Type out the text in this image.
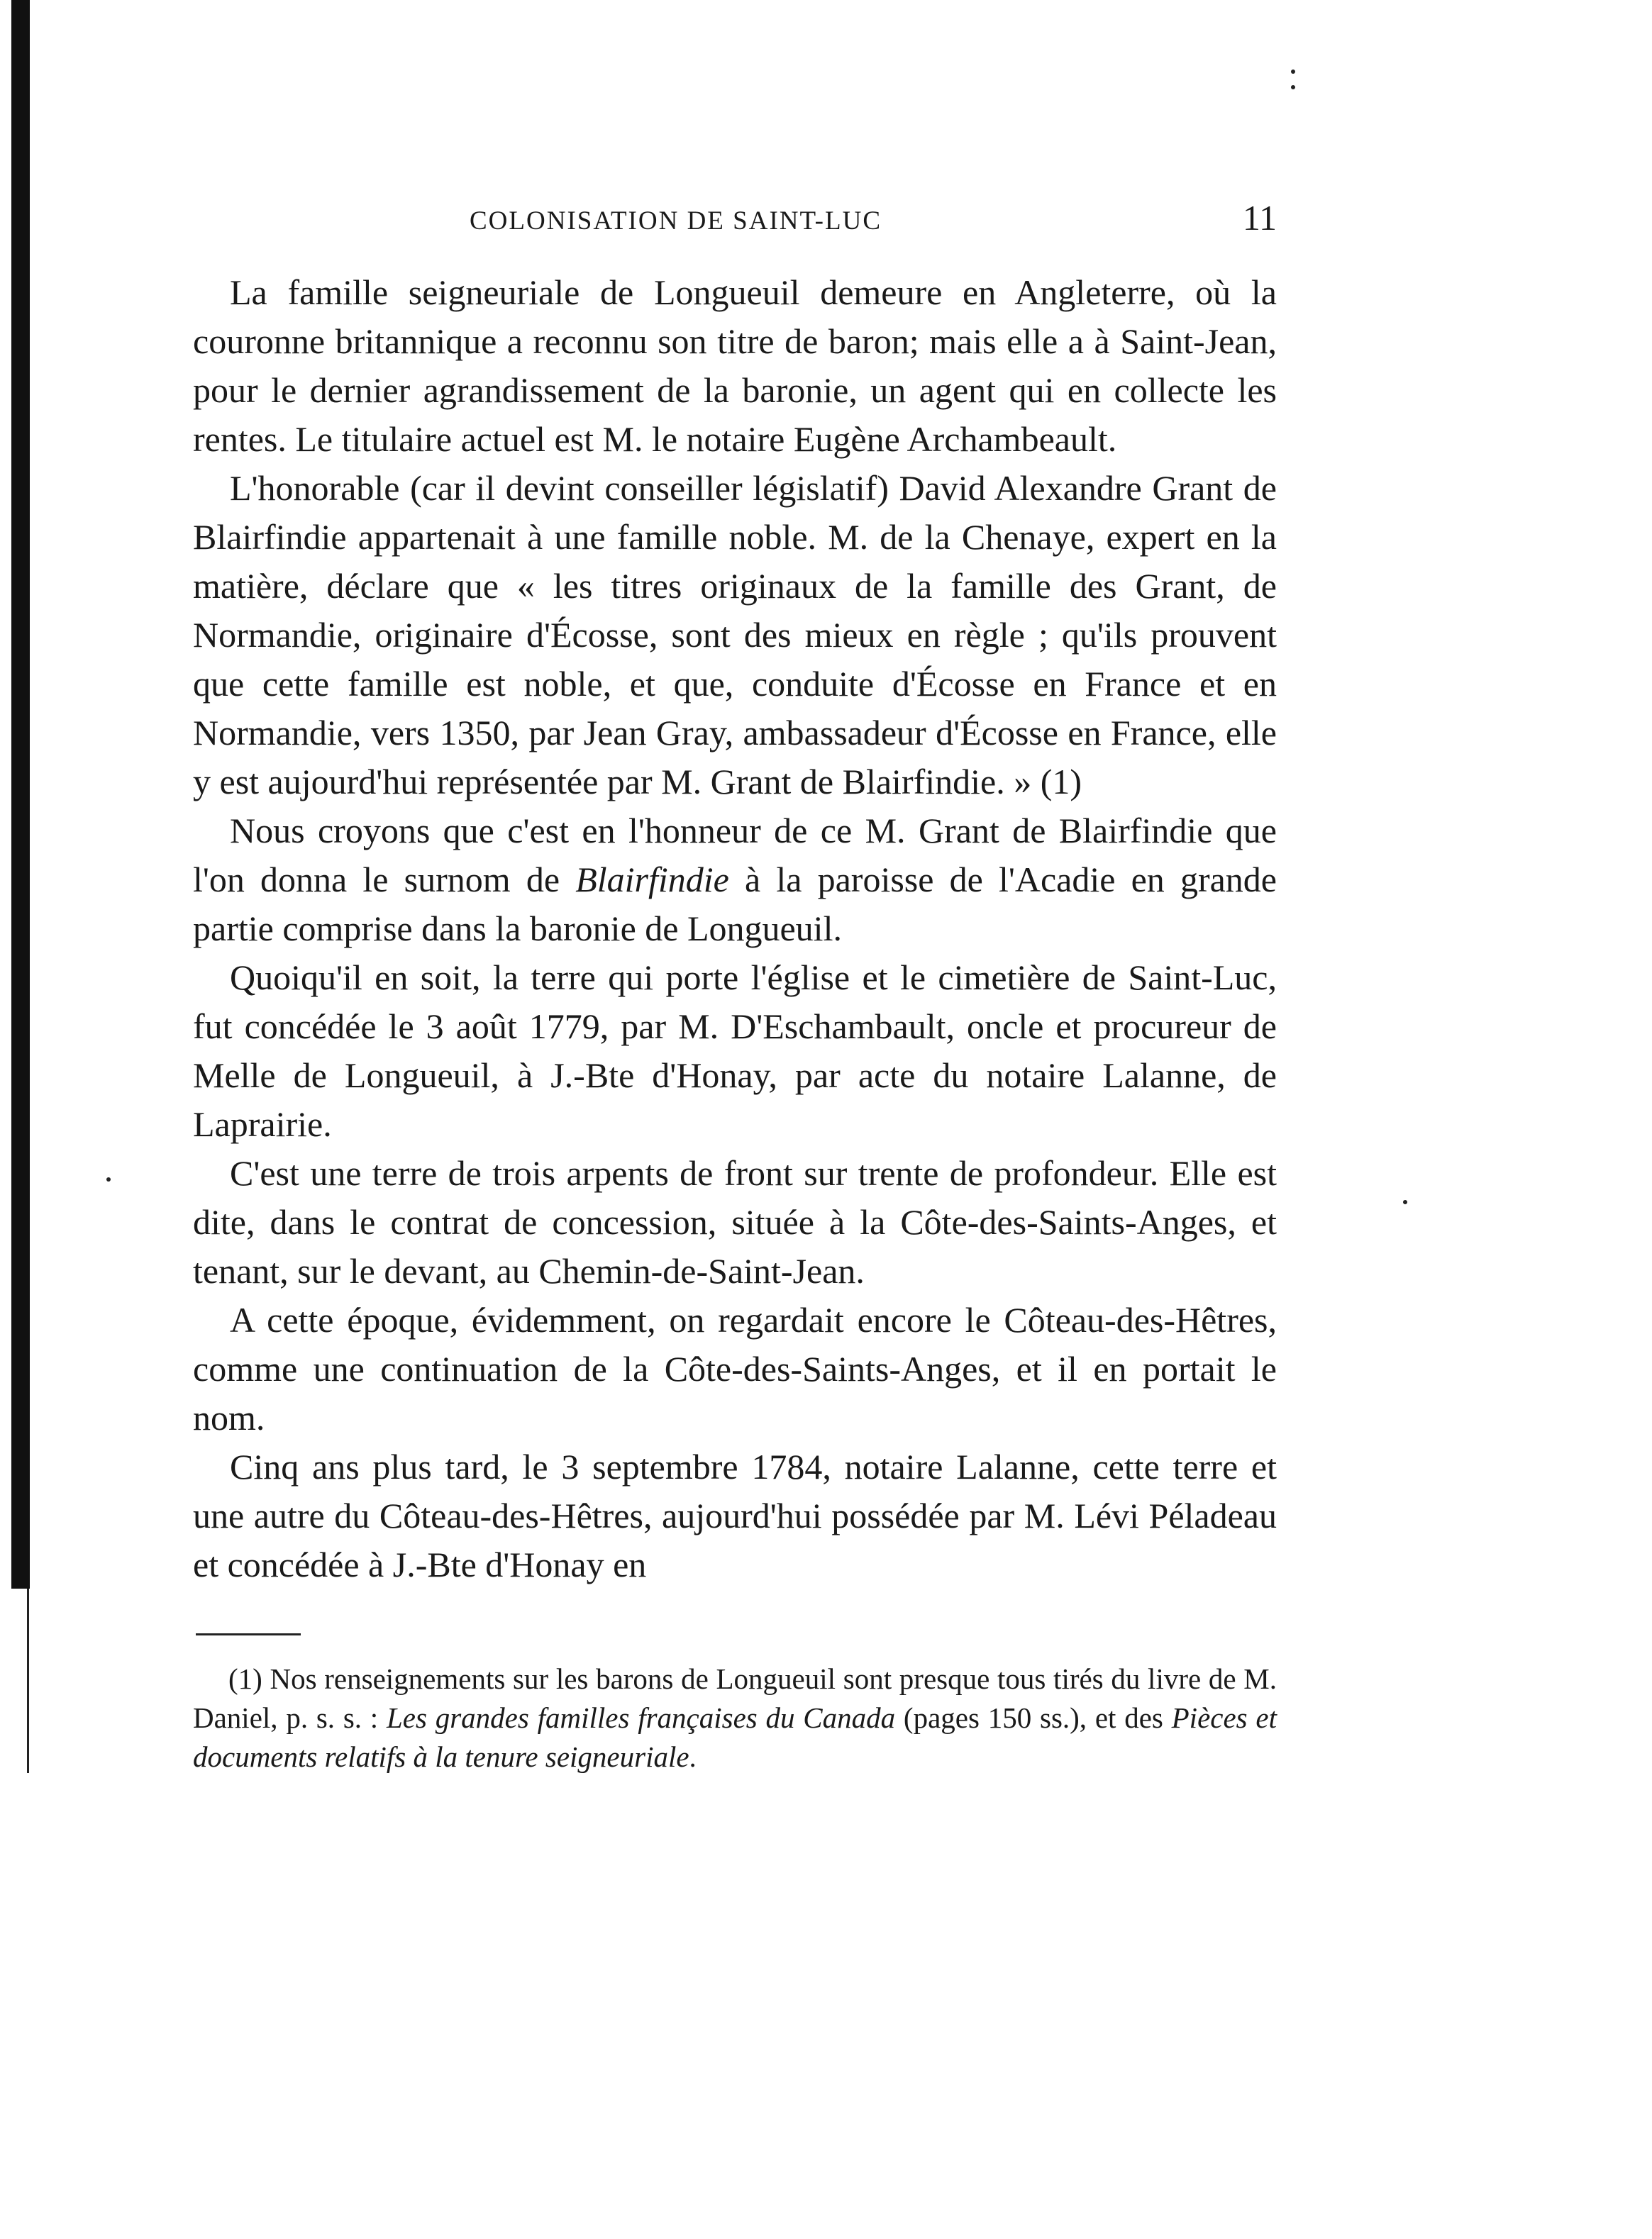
COLONISATION DE SAINT-LUC	11

La famille seigneuriale de Longueuil demeure en Angleterre, où la couronne britannique a reconnu son titre de baron; mais elle a à Saint-Jean, pour le dernier agrandissement de la baronie, un agent qui en collecte les rentes. Le titulaire actuel est M. le notaire Eugène Archambeault.

L'honorable (car il devint conseiller législatif) David Alexandre Grant de Blairfindie appartenait à une famille noble. M. de la Chenaye, expert en la matière, déclare que « les titres originaux de la famille des Grant, de Normandie, originaire d'Écosse, sont des mieux en règle ; qu'ils prouvent que cette famille est noble, et que, conduite d'Écosse en France et en Normandie, vers 1350, par Jean Gray, ambassadeur d'Écosse en France, elle y est aujourd'hui représentée par M. Grant de Blairfindie. » (1)

Nous croyons que c'est en l'honneur de ce M. Grant de Blairfindie que l'on donna le surnom de Blairfindie à la paroisse de l'Acadie en grande partie comprise dans la baronie de Longueuil.

Quoiqu'il en soit, la terre qui porte l'église et le cimetière de Saint-Luc, fut concédée le 3 août 1779, par M. D'Eschambault, oncle et procureur de Melle de Longueuil, à J.-Bte d'Honay, par acte du notaire Lalanne, de Laprairie.

C'est une terre de trois arpents de front sur trente de profondeur. Elle est dite, dans le contrat de concession, située à la Côte-des-Saints-Anges, et tenant, sur le devant, au Chemin-de-Saint-Jean.

A cette époque, évidemment, on regardait encore le Côteau-des-Hêtres, comme une continuation de la Côte-des-Saints-Anges, et il en portait le nom.

Cinq ans plus tard, le 3 septembre 1784, notaire Lalanne, cette terre et une autre du Côteau-des-Hêtres, aujourd'hui possédée par M. Lévi Péladeau et concédée à J.-Bte d'Honay en

(1) Nos renseignements sur les barons de Longueuil sont presque tous tirés du livre de M. Daniel, p. s. s. : Les grandes familles françaises du Canada (pages 150 ss.), et des Pièces et documents relatifs à la tenure seigneuriale.
